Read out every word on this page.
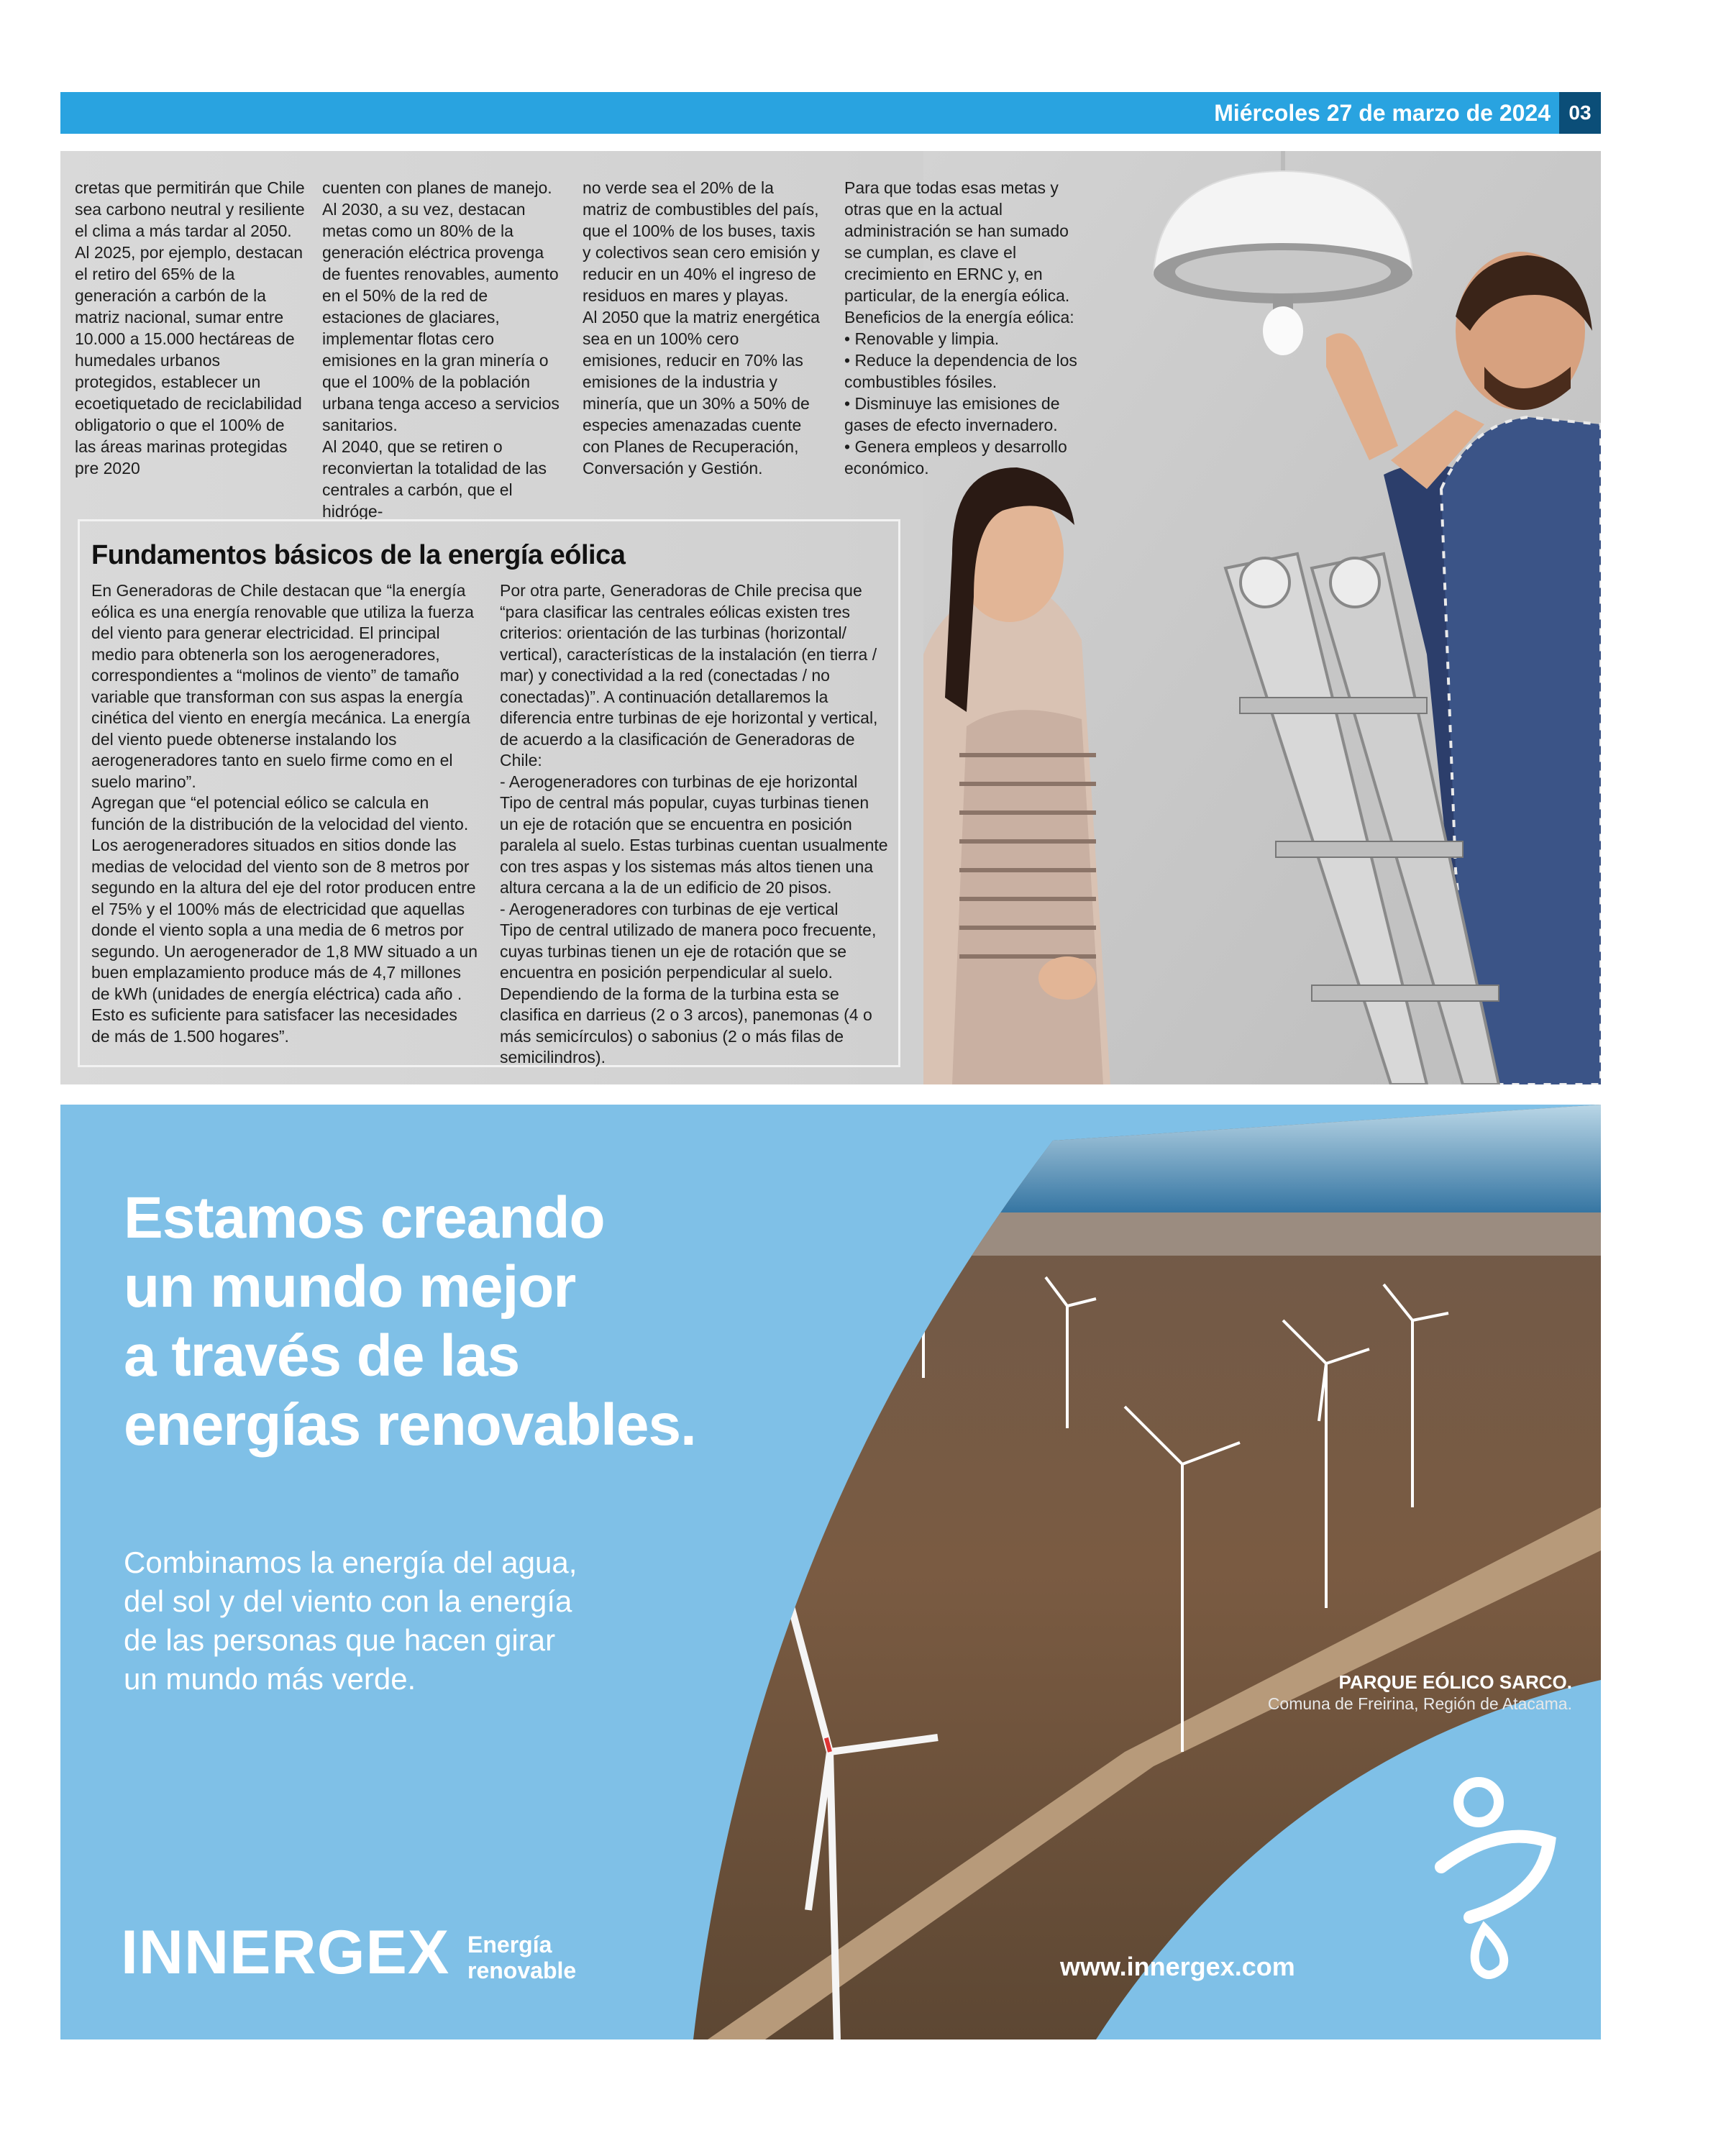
Miércoles 27 de marzo de 2024 03

cretas que permitirán que Chile sea carbono neutral y resiliente el clima a más tardar al 2050.
Al 2025, por ejemplo, destacan el retiro del 65% de la generación a carbón de la matriz nacional, sumar entre 10.000 a 15.000 hectáreas de humedales urbanos protegidos, establecer un ecoetiquetado de reciclabilidad obligatorio o que el 100% de las áreas marinas protegidas pre 2020

cuenten con planes de manejo.
Al 2030, a su vez, destacan metas como un 80% de la generación eléctrica provenga de fuentes renovables, aumento en el 50% de la red de estaciones de glaciares, implementar flotas cero emisiones en la gran minería o que el 100% de la población urbana tenga acceso a servicios sanitarios.
Al 2040, que se retiren o reconviertan la totalidad de las centrales a carbón, que el hidróge-

no verde sea el 20% de la matriz de combustibles del país, que el 100% de los buses, taxis y colectivos sean cero emisión y reducir en un 40% el ingreso de residuos en mares y playas.
Al 2050 que la matriz energética sea en un 100% cero emisiones, reducir en 70% las emisiones de la industria y minería, que un 30% a 50% de especies amenazadas cuente con Planes de Recuperación, Conversación y Gestión.

Para que todas esas metas y otras que en la actual administración se han sumado se cumplan, es clave el crecimiento en ERNC y, en particular, de la energía eólica.
Beneficios de la energía eólica:
• Renovable y limpia.
• Reduce la dependencia de los combustibles fósiles.
• Disminuye las emisiones de gases de efecto invernadero.
• Genera empleos y desarrollo económico.

Fundamentos básicos de la energía eólica

En Generadoras de Chile destacan que “la energía eólica es una energía renovable que utiliza la fuerza del viento para generar electricidad. El principal medio para obtenerla son los aerogeneradores, correspondientes a “molinos de viento” de tamaño variable que transforman con sus aspas la energía cinética del viento en energía mecánica. La energía del viento puede obtenerse instalando los aerogeneradores tanto en suelo firme como en el suelo marino”.
Agregan que “el potencial eólico se calcula en función de la distribución de la velocidad del viento. Los aerogeneradores situados en sitios donde las medias de velocidad del viento son de 8 metros por segundo en la altura del eje del rotor producen entre el 75% y el 100% más de electricidad que aquellas donde el viento sopla a una media de 6 metros por segundo. Un aerogenerador de 1,8 MW situado a un buen emplazamiento produce más de 4,7 millones de kWh (unidades de energía eléctrica) cada año . Esto es suficiente para satisfacer las necesidades de más de 1.500 hogares”.

Por otra parte, Generadoras de Chile precisa que “para clasificar las centrales eólicas existen tres criterios: orientación de las turbinas (horizontal/ vertical), características de la instalación (en tierra / mar) y conectividad a la red (conectadas / no conectadas)”. A continuación detallaremos la diferencia entre turbinas de eje horizontal y vertical, de acuerdo a la clasificación de Generadoras de Chile:
- Aerogeneradores con turbinas de eje horizontal
Tipo de central más popular, cuyas turbinas tienen un eje de rotación que se encuentra en posición paralela al suelo. Estas turbinas cuentan usualmente con tres aspas y los sistemas más altos tienen una altura cercana a la de un edificio de 20 pisos.
- Aerogeneradores con turbinas de eje vertical
Tipo de central utilizado de manera poco frecuente, cuyas turbinas tienen un eje de rotación que se encuentra en posición perpendicular al suelo. Dependiendo de la forma de la turbina esta se clasifica en darrieus (2 o 3 arcos), panemonas (4 o más semicírculos) o sabonius (2 o más filas de semicilindros).

Estamos creando
un mundo mejor
a través de las
energías renovables.
Combinamos la energía del agua,
del sol y del viento con la energía
de las personas que hacen girar
un mundo más verde.	PARQUE EÓLICO SARCO.
Comuna de Freirina, Región de Atacama.
INNERGEX Energía
renovable	www.innergex.com
